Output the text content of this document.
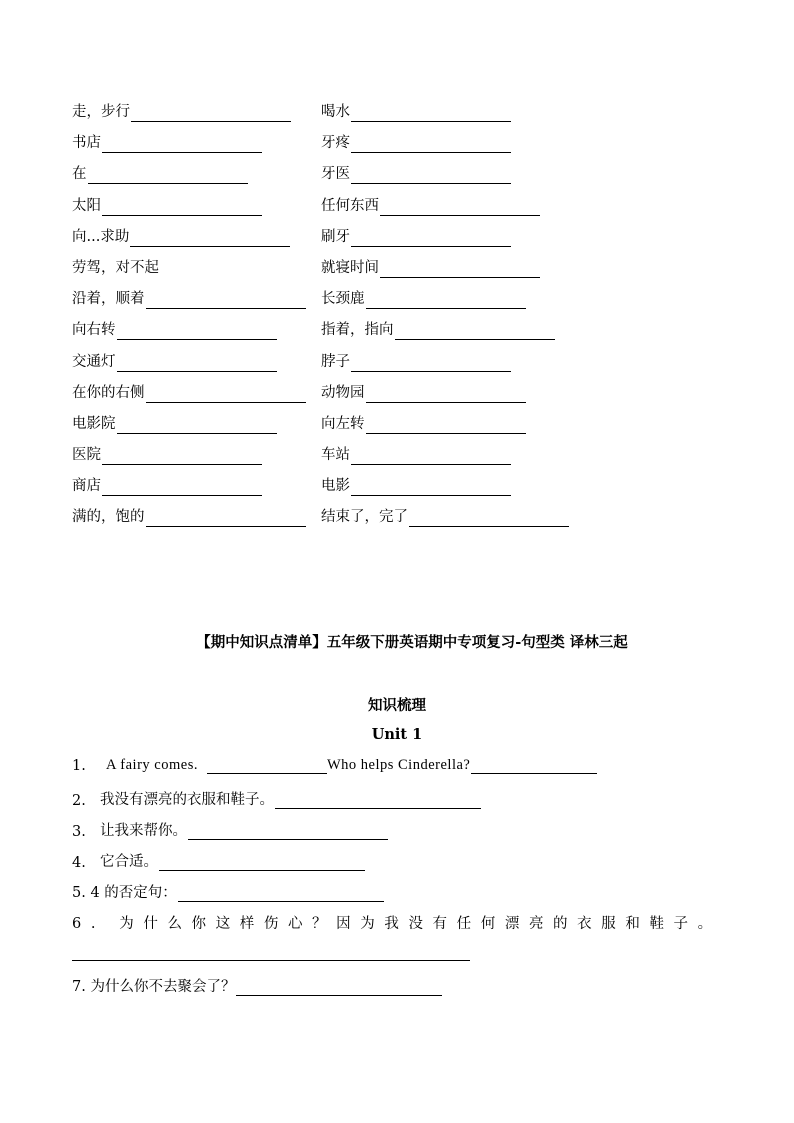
走，步行	喝水
书店	牙疼
在	牙医
太阳	任何东西
向...求助	刷牙
劳驾，对不起	就寝时间
沿着，顺着	长颈鹿
向右转	指着，指向
交通灯	脖子
在你的右侧	动物园
电影院	向左转
医院	车站
商店	电影
满的，饱的	结束了，完了
【期中知识点清单】五年级下册英语期中专项复习-句型类 译林三起
知识梳理
Unit 1
1.	A fairy comes.	Who helps Cinderella?
2. 我没有漂亮的衣服和鞋子。
3. 让我来帮你。
4. 它合适。
5. 4 的否定句：
6. 为什么你这样伤心？因为我没有任何漂亮的衣服和鞋子。
7. 为什么你不去聚会了？
